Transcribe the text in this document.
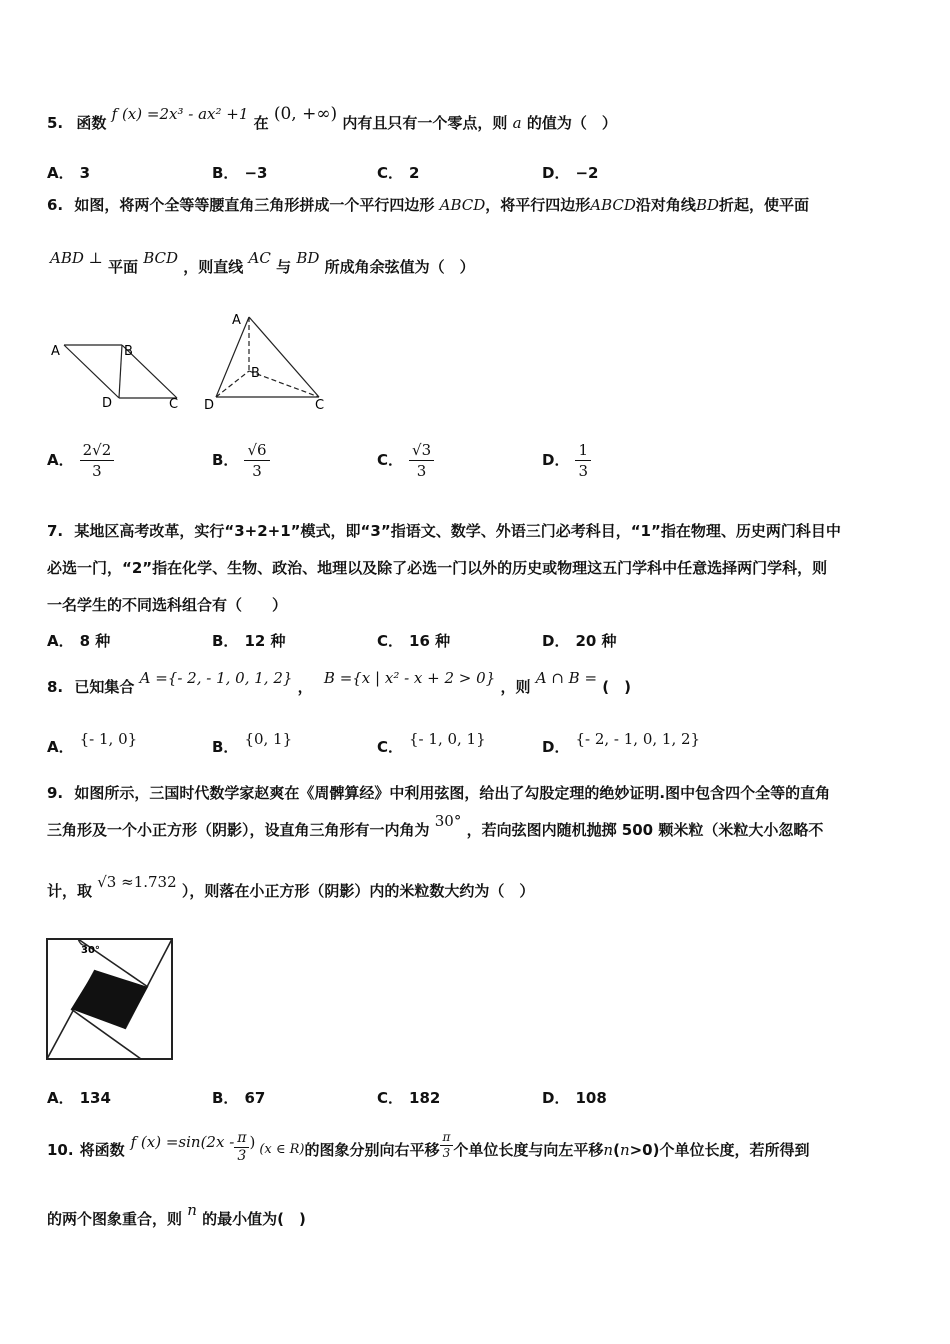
5. 函数 f (x) =2x³ - ax² +1 在 (0, +∞) 内有且只有一个零点，则 a 的值为（　）
A． 3	B． −3	C． 2	D． −2
6. 如图，将两个全等等腰直角三角形拼成一个平行四边形 ABCD，将平行四边形ABCD沿对角线BD折起，使平面
ABD ⊥ 平面 BCD ，则直线 AC 与 BD 所成角余弦值为（　）
A	B
D	C
A
B
D	C
A． $\frac{2√2}{3}$	B． $\frac{√6}{3}$	C． $\frac{√3}{3}$	D． $\frac{1}{3}$
7. 某地区高考改革，实行“3+2+1”模式，即“3”指语文、数学、外语三门必考科目，“1”指在物理、历史两门科目中
必选一门，“2”指在化学、生物、政治、地理以及除了必选一门以外的历史或物理这五门学科中任意选择两门学科，则
一名学生的不同选科组合有（　　）
A． 8 种	B． 12 种	C． 16 种	D． 20 种
8. 已知集合 A ={- 2, - 1, 0, 1, 2} ， B ={x | x² - x + 2 > 0} ，则 A ∩ B = (　)
A． {- 1, 0}	B． {0, 1}	C． {- 1, 0, 1}	D． {- 2, - 1, 0, 1, 2}
9. 如图所示，三国时代数学家赵爽在《周髀算经》中利用弦图，给出了勾股定理的绝妙证明.图中包含四个全等的直角
三角形及一个小正方形（阴影），设直角三角形有一内角为 30° ，若向弦图内随机抛掷 500 颗米粒（米粒大小忽略不
计，取 √3 ≈1.732 ），则落在小正方形（阴影）内的米粒数大约为（　）
30°
A． 134	B． 67	C． 182	D． 108
10. 将函数 f $(x) =\sin(2x - \frac{\pi}{3}$ ) (x ∈ R) 的图象分别向右平移 $\frac{\pi}{3}$ 个单位长度与向左平移 n ( n >0)个单位长度，若所得到
的两个图象重合，则 n 的最小值为(　)
